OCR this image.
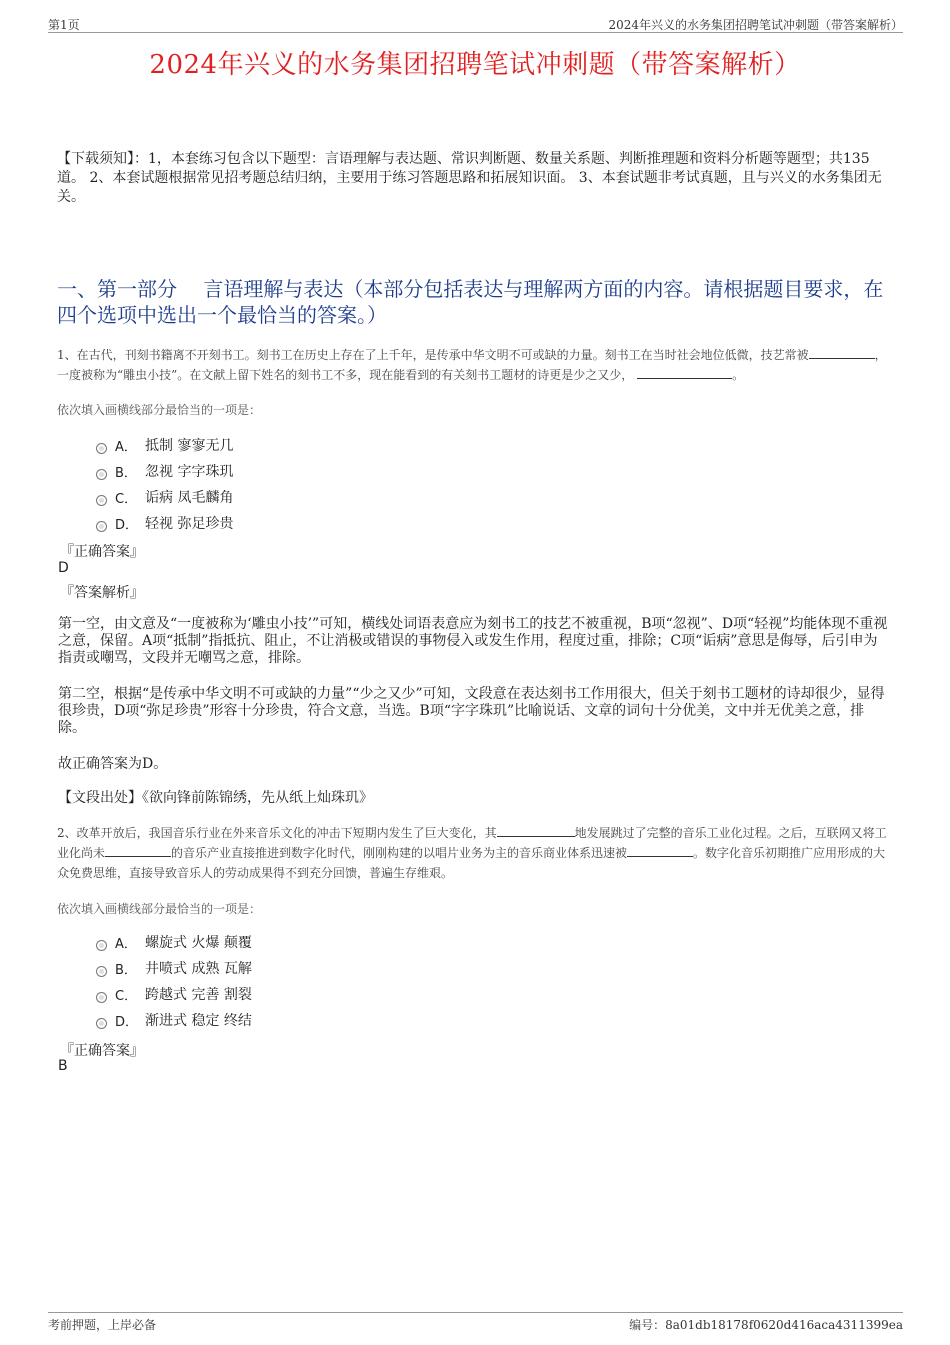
第1页	2024年兴义的水务集团招聘笔试冲刺题（带答案解析）
2024年兴义的水务集团招聘笔试冲刺题（带答案解析）
【下载须知】：1，本套练习包含以下题型：言语理解与表达题、常识判断题、数量关系题、判断推理题和资料分析题等题型；共135道。 2、本套试题根据常见招考题总结归纳，主要用于练习答题思路和拓展知识面。 3、本套试题非考试真题，且与兴义的水务集团无关。
一、第一部分　 言语理解与表达（本部分包括表达与理解两方面的内容。请根据题目要求，在四个选项中选出一个最恰当的答案。）
1、在古代，刊刻书籍离不开刻书工。刻书工在历史上存在了上千年，是传承中华文明不可或缺的力量。刻书工在当时社会地位低微，技艺常被	，一度被称为“雕虫小技”。在文献上留下姓名的刻书工不多，现在能看到的有关刻书工题材的诗更是少之又少，	。
依次填入画横线部分最恰当的一项是：
A． 抵制 寥寥无几
B． 忽视 字字珠玑
C． 诟病 凤毛麟角
D． 轻视 弥足珍贵
『正确答案』
D
『答案解析』
第一空，由文意及“一度被称为‘雕虫小技’”可知，横线处词语表意应为刻书工的技艺不被重视，B项“忽视”、D项“轻视”均能体现不重视之意，保留。A项“抵制”指抵抗、阻止，不让消极或错误的事物侵入或发生作用，程度过重，排除；C项“诟病”意思是侮辱，后引申为指责或嘲骂，文段并无嘲骂之意，排除。
第二空，根据“是传承中华文明不可或缺的力量”“少之又少”可知，文段意在表达刻书工作用很大，但关于刻书工题材的诗却很少，显得很珍贵，D项“弥足珍贵”形容十分珍贵，符合文意，当选。B项“字字珠玑”比喻说话、文章的词句十分优美，文中并无优美之意，排除。
故正确答案为D。
【文段出处】《欲向锋前陈锦绣，先从纸上灿珠玑》
2、改革开放后，我国音乐行业在外来音乐文化的冲击下短期内发生了巨大变化，其	地发展跳过了完整的音乐工业化过程。之后，互联网又将工业化尚未	的音乐产业直接推进到数字化时代，刚刚构建的以唱片业务为主的音乐商业体系迅速被	。数字化音乐初期推广应用形成的大众免费思维，直接导致音乐人的劳动成果得不到充分回馈，普遍生存维艰。
依次填入画横线部分最恰当的一项是：
A． 螺旋式 火爆 颠覆
B． 井喷式 成熟 瓦解
C． 跨越式 完善 割裂
D． 渐进式 稳定 终结
『正确答案』
B
考前押题，上岸必备	编号：8a01db18178f0620d416aca4311399ea
